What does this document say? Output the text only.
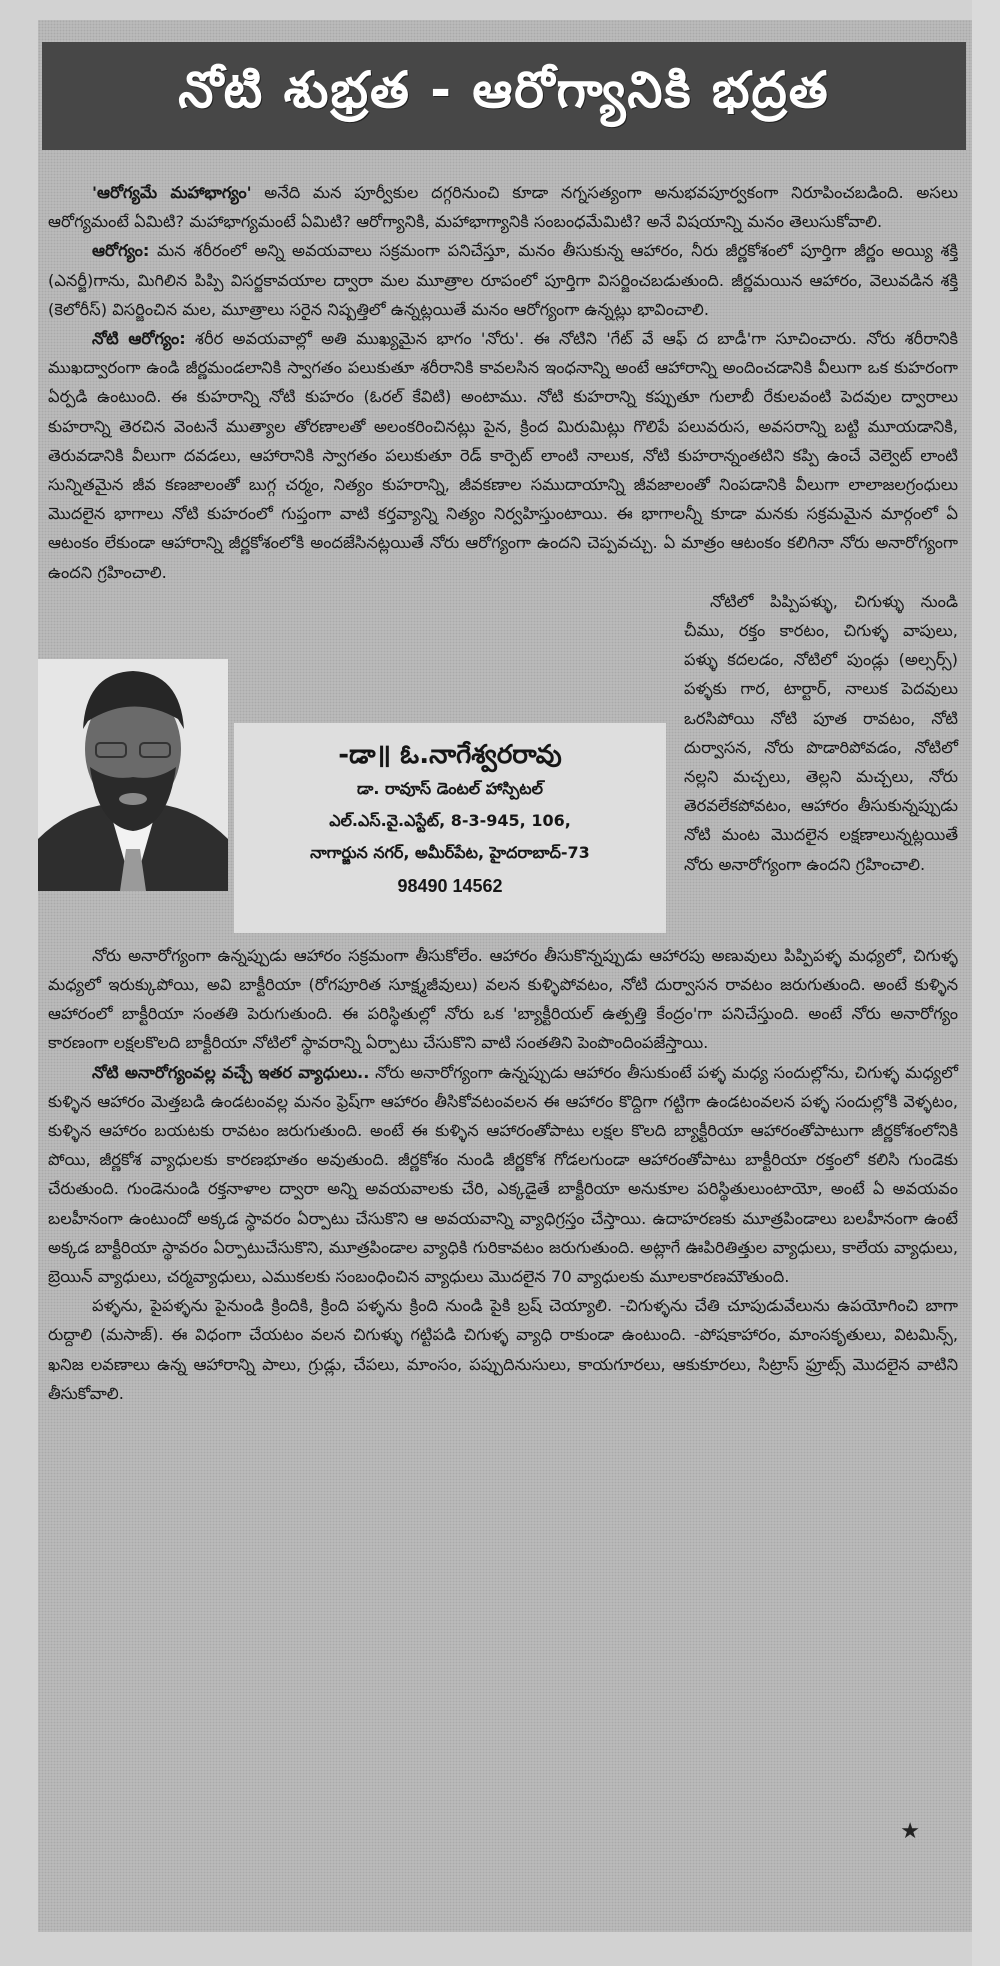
నోటి శుభ్రత - ఆరోగ్యానికి భద్రత

'ఆరోగ్యమే మహాభాగ్యం' అనేది మన పూర్వీకుల దగ్గరినుంచి కూడా నగ్నసత్యంగా అనుభవపూర్వకంగా నిరూపించబడింది. అసలు ఆరోగ్యమంటే ఏమిటి? మహాభాగ్యమంటే ఏమిటి? ఆరోగ్యానికి, మహాభాగ్యానికి సంబంధమేమిటి? అనే విషయాన్ని మనం తెలుసుకోవాలి.

ఆరోగ్యం: మన శరీరంలో అన్ని అవయవాలు సక్రమంగా పనిచేస్తూ, మనం తీసుకున్న ఆహారం, నీరు జీర్ణకోశంలో పూర్తిగా జీర్ణం అయ్యి శక్తి (ఎనర్జీ)గాను, మిగిలిన పిప్పి విసర్జకావయాల ద్వారా మల మూత్రాల రూపంలో పూర్తిగా విసర్జించబడుతుంది. జీర్ణమయిన ఆహారం, వెలువడిన శక్తి (కెలోరీస్) విసర్జించిన మల, మూత్రాలు సరైన నిష్పత్తిలో ఉన్నట్లయితే మనం ఆరోగ్యంగా ఉన్నట్లు భావించాలి.

నోటి ఆరోగ్యం: శరీర అవయవాల్లో అతి ముఖ్యమైన భాగం 'నోరు'. ఈ నోటిని 'గేట్ వే ఆఫ్ ద బాడీ'గా సూచించారు. నోరు శరీరానికి ముఖద్వారంగా ఉండి జీర్ణమండలానికి స్వాగతం పలుకుతూ శరీరానికి కావలసిన ఇంధనాన్ని అంటే ఆహారాన్ని అందించడానికి వీలుగా ఒక కుహరంగా ఏర్పడి ఉంటుంది. ఈ కుహరాన్ని నోటి కుహరం (ఓరల్ కేవిటి) అంటాము. నోటి కుహరాన్ని కప్పుతూ గులాబీ రేకులవంటి పెదవుల ద్వారాలు కుహరాన్ని తెరచిన వెంటనే ముత్యాల తోరణాలతో అలంకరించినట్లు పైన, క్రింద మిరుమిట్లు గొలిపే పలువరుస, అవసరాన్ని బట్టి మూయడానికి, తెరువడానికి వీలుగా దవడలు, ఆహారానికి స్వాగతం పలుకుతూ రెడ్ కార్పెట్ లాంటి నాలుక, నోటి కుహరాన్నంతటిని కప్పి ఉంచే వెల్వెట్ లాంటి సున్నితమైన జీవ కణజాలంతో బుగ్గ చర్మం, నిత్యం కుహరాన్ని, జీవకణాల సముదాయాన్ని జీవజాలంతో నింపడానికి వీలుగా లాలాజలగ్రంధులు మొదలైన భాగాలు నోటి కుహరంలో గుప్తంగా వాటి కర్తవ్యాన్ని నిత్యం నిర్వహిస్తుంటాయి. ఈ భాగాలన్నీ కూడా మనకు సక్రమమైన మార్గంలో ఏ ఆటంకం లేకుండా ఆహారాన్ని జీర్ణకోశంలోకి అందజేసినట్లయితే నోరు ఆరోగ్యంగా ఉందని చెప్పవచ్చు. ఏ మాత్రం ఆటంకం కలిగినా నోరు అనారోగ్యంగా ఉందని గ్రహించాలి.

-డా॥ ఓ.నాగేశ్వరరావు
డా. రావూస్ డెంటల్ హాస్పిటల్
ఎల్.ఎస్.వై.ఎస్టేట్, 8-3-945, 106,
నాగార్జున నగర్, అమీర్‌పేట, హైదరాబాద్-73
98490 14562

నోటిలో పిప్పిపళ్ళు, చిగుళ్ళు నుండి చీము, రక్తం కారటం, చిగుళ్ళ వాపులు, పళ్ళు కదలడం, నోటిలో పుండ్లు (అల్సర్స్) పళ్ళకు గార, టార్టార్, నాలుక పెదవులు ఒరసిపోయి నోటి పూత రావటం, నోటి దుర్వాసన, నోరు పొడారిపోవడం, నోటిలో నల్లని మచ్చలు, తెల్లని మచ్చలు, నోరు తెరవలేకపోవటం, ఆహారం తీసుకున్నప్పుడు నోటి మంట మొదలైన లక్షణాలున్నట్లయితే నోరు అనారోగ్యంగా ఉందని గ్రహించాలి.

నోరు అనారోగ్యంగా ఉన్నప్పుడు ఆహారం సక్రమంగా తీసుకోలేం. ఆహారం తీసుకొన్నప్పుడు ఆహారపు అణువులు పిప్పిపళ్ళ మధ్యలో, చిగుళ్ళ మధ్యలో ఇరుక్కుపోయి, అవి బాక్టీరియా (రోగపూరిత సూక్ష్మజీవులు) వలన కుళ్ళిపోవటం, నోటి దుర్వాసన రావటం జరుగుతుంది. అంటే కుళ్ళిన ఆహారంలో బాక్టీరియా సంతతి పెరుగుతుంది. ఈ పరిస్థితుల్లో నోరు ఒక 'బ్యాక్టీరియల్ ఉత్పత్తి కేంద్రం'గా పనిచేస్తుంది. అంటే నోరు అనారోగ్యం కారణంగా లక్షలకొలది బాక్టీరియా నోటిలో స్థావరాన్ని ఏర్పాటు చేసుకొని వాటి సంతతిని పెంపొందింపజేస్తాయి.

నోటి అనారోగ్యంవల్ల వచ్చే ఇతర వ్యాధులు.. నోరు అనారోగ్యంగా ఉన్నప్పుడు ఆహారం తీసుకుంటే పళ్ళ మధ్య సందుల్లోను, చిగుళ్ళ మధ్యలో కుళ్ళిన ఆహారం మెత్తబడి ఉండటంవల్ల మనం ఫ్రెష్‌గా ఆహారం తీసికోవటంవలన ఈ ఆహారం కొద్దిగా గట్టిగా ఉండటంవలన పళ్ళ సందుల్లోకి వెళ్ళటం, కుళ్ళిన ఆహారం బయటకు రావటం జరుగుతుంది. అంటే ఈ కుళ్ళిన ఆహారంతోపాటు లక్షల కొలది బ్యాక్టీరియా ఆహారంతోపాటుగా జీర్ణకోశంలోనికి పోయి, జీర్ణకోశ వ్యాధులకు కారణభూతం అవుతుంది. జీర్ణకోశం నుండి జీర్ణకోశ గోడలగుండా ఆహారంతోపాటు బాక్టీరియా రక్తంలో కలిసి గుండెకు చేరుతుంది. గుండెనుండి రక్తనాళాల ద్వారా అన్ని అవయవాలకు చేరి, ఎక్కడైతే బాక్టీరియా అనుకూల పరిస్థితులుంటాయో, అంటే ఏ అవయవం బలహీనంగా ఉంటుందో అక్కడ స్థావరం ఏర్పాటు చేసుకొని ఆ అవయవాన్ని వ్యాధిగ్రస్తం చేస్తాయి. ఉదాహరణకు మూత్రపిండాలు బలహీనంగా ఉంటే అక్కడ బాక్టీరియా స్థావరం ఏర్పాటుచేసుకొని, మూత్రపిండాల వ్యాధికి గురికావటం జరుగుతుంది. అట్లాగే ఊపిరితిత్తుల వ్యాధులు, కాలేయ వ్యాధులు, బ్రెయిన్ వ్యాధులు, చర్మవ్యాధులు, ఎముకలకు సంబంధించిన వ్యాధులు మొదలైన 70 వ్యాధులకు మూలకారణమౌతుంది.

పళ్ళను, పైపళ్ళను పైనుండి క్రిందికి, క్రింది పళ్ళను క్రింది నుండి పైకి బ్రష్ చెయ్యాలి. -చిగుళ్ళను చేతి చూపుడువేలును ఉపయోగించి బాగా రుద్దాలి (మసాజ్). ఈ విధంగా చేయటం వలన చిగుళ్ళు గట్టిపడి చిగుళ్ళ వ్యాధి రాకుండా ఉంటుంది. -పోషకాహారం, మాంసకృతులు, విటమిన్స్, ఖనిజ లవణాలు ఉన్న ఆహారాన్ని పాలు, గ్రుడ్లు, చేపలు, మాంసం, పప్పుదినుసులు, కాయగూరలు, ఆకుకూరలు, సిట్రాస్ ఫ్రూట్స్ మొదలైన వాటిని తీసుకోవాలి.

★
